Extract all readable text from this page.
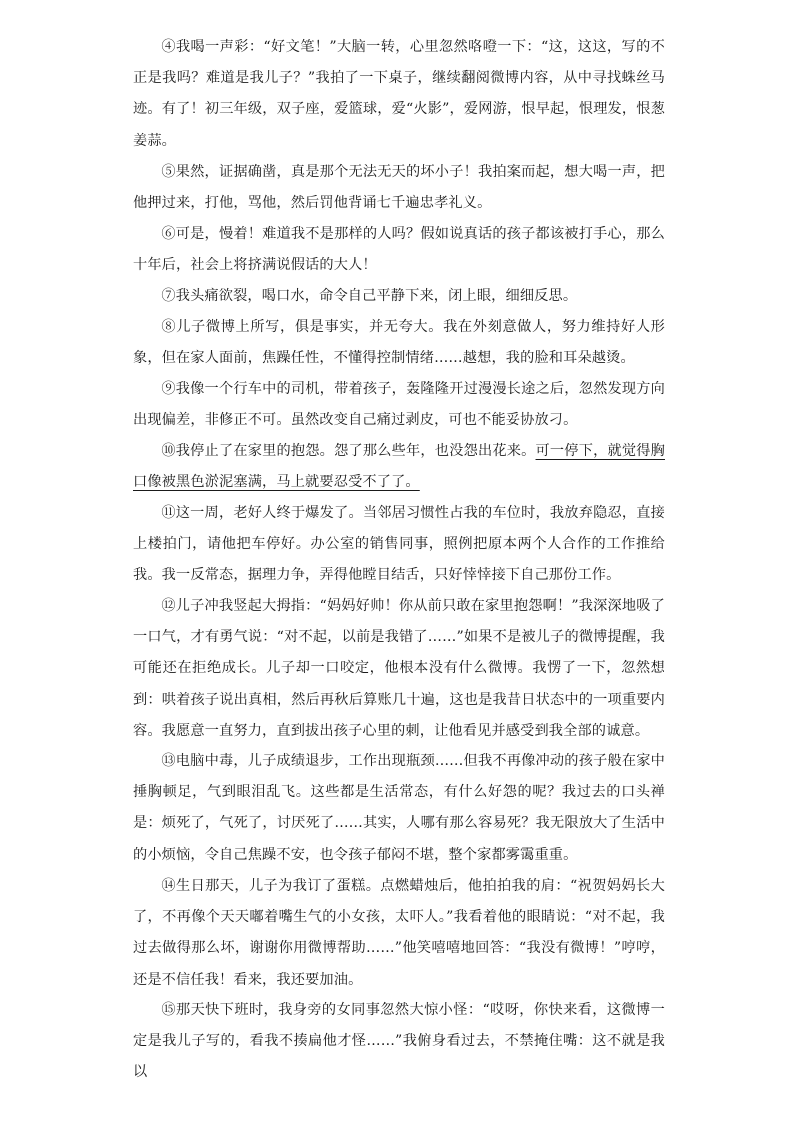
④我喝一声彩：“好文笔！”大脑一转，心里忽然咯噔一下：“这，这这，写的不正是我吗？难道是我儿子？”我拍了一下桌子，继续翻阅微博内容，从中寻找蛛丝马迹。有了！初三年级，双子座，爱篮球，爱“火影”，爱网游，恨早起，恨理发，恨葱姜蒜。

⑤果然，证据确凿，真是那个无法无天的坏小子！我拍案而起，想大喝一声，把他押过来，打他，骂他，然后罚他背诵七千遍忠孝礼义。

⑥可是，慢着！难道我不是那样的人吗？假如说真话的孩子都该被打手心，那么十年后，社会上将挤满说假话的大人！

⑦我头痛欲裂，喝口水，命令自己平静下来，闭上眼，细细反思。

⑧儿子微博上所写，俱是事实，并无夸大。我在外刻意做人，努力维持好人形象，但在家人面前，焦躁任性，不懂得控制情绪……越想，我的脸和耳朵越烫。

⑨我像一个行车中的司机，带着孩子，轰隆隆开过漫漫长途之后，忽然发现方向出现偏差，非修正不可。虽然改变自己痛过剥皮，可也不能妥协放刁。

⑩我停止了在家里的抱怨。怨了那么些年，也没怨出花来。可一停下，就觉得胸口像被黑色淤泥塞满，马上就要忍受不了了。

⑪这一周，老好人终于爆发了。当邻居习惯性占我的车位时，我放弃隐忍，直接上楼拍门，请他把车停好。办公室的销售同事，照例把原本两个人合作的工作推给我。我一反常态，据理力争，弄得他瞠目结舌，只好悻悻接下自己那份工作。

⑫儿子冲我竖起大拇指：“妈妈好帅！你从前只敢在家里抱怨啊！”我深深地吸了一口气，才有勇气说：“对不起，以前是我错了……”如果不是被儿子的微博提醒，我可能还在拒绝成长。儿子却一口咬定，他根本没有什么微博。我愣了一下，忽然想到：哄着孩子说出真相，然后再秋后算账几十遍，这也是我昔日状态中的一项重要内容。我愿意一直努力，直到拔出孩子心里的刺，让他看见并感受到我全部的诚意。

⑬电脑中毒，儿子成绩退步，工作出现瓶颈……但我不再像冲动的孩子般在家中捶胸顿足，气到眼泪乱飞。这些都是生活常态，有什么好怨的呢？我过去的口头禅是：烦死了，气死了，讨厌死了……其实，人哪有那么容易死？我无限放大了生活中的小烦恼，令自己焦躁不安，也令孩子郁闷不堪，整个家都雾霭重重。

⑭生日那天，儿子为我订了蛋糕。点燃蜡烛后，他拍拍我的肩：“祝贺妈妈长大了，不再像个天天嘟着嘴生气的小女孩，太吓人。”我看着他的眼睛说：“对不起，我过去做得那么坏，谢谢你用微博帮助……”他笑嘻嘻地回答：“我没有微博！”哼哼，还是不信任我！看来，我还要加油。

⑮那天快下班时，我身旁的女同事忽然大惊小怪：“哎呀，你快来看，这微博一定是我儿子写的，看我不揍扁他才怪……”我俯身看过去，不禁掩住嘴：这不就是我以
